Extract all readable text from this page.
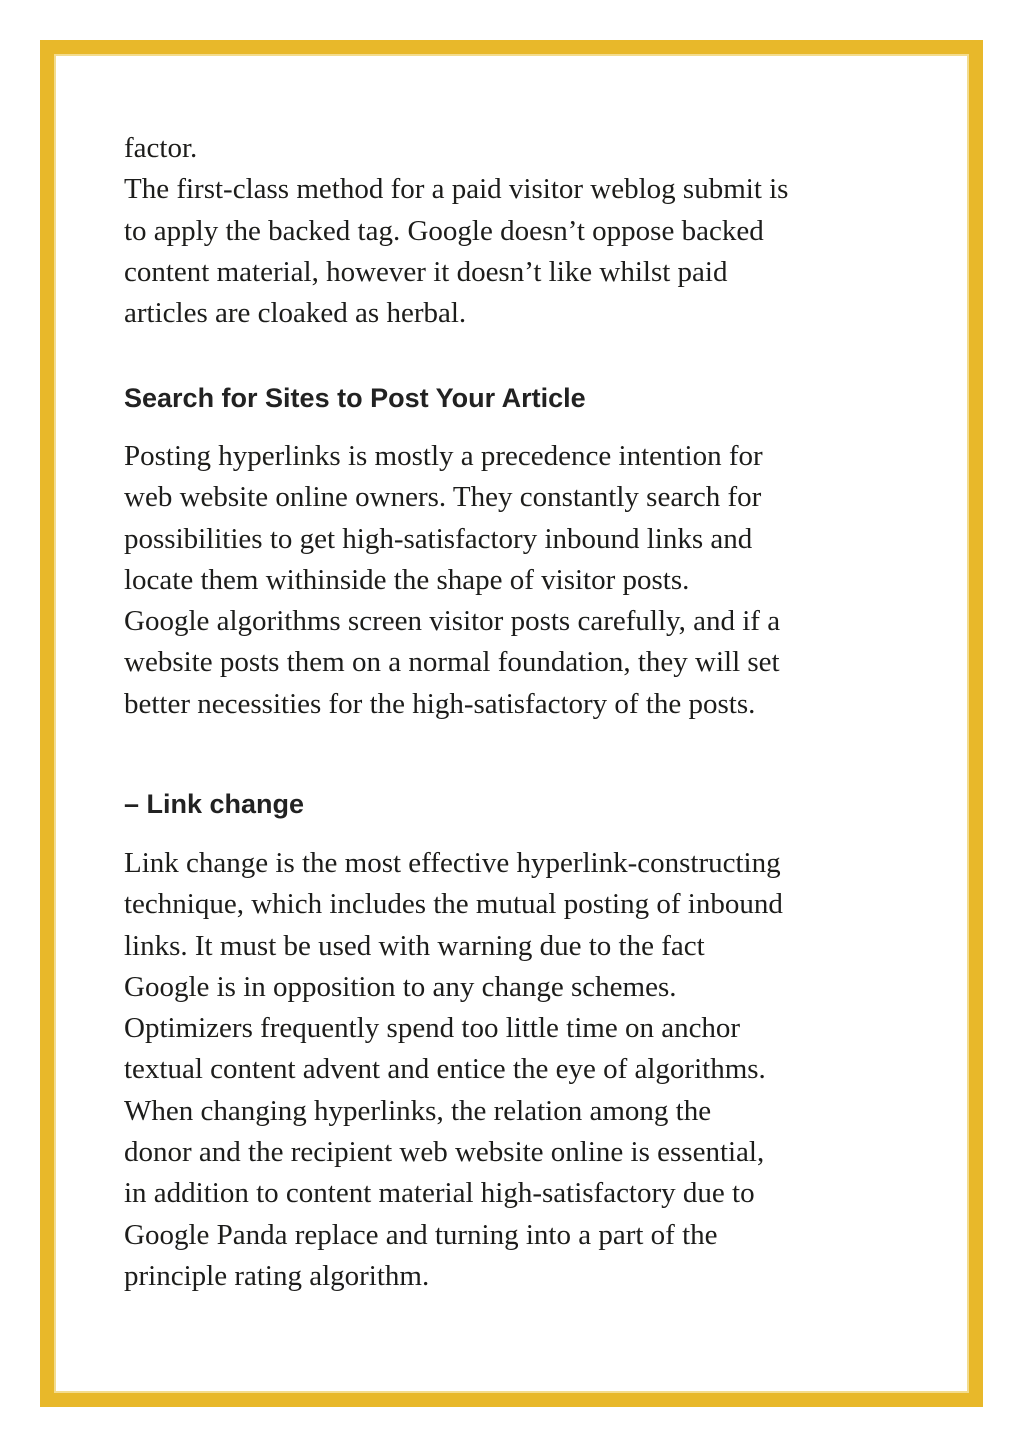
factor.

The first-class method for a paid visitor weblog submit is

to apply the backed tag. Google doesn’t oppose backed

content material, however it doesn’t like whilst paid

articles are cloaked as herbal.

Search for Sites to Post Your Article

Posting hyperlinks is mostly a precedence intention for

web website online owners. They constantly search for

possibilities to get high-satisfactory inbound links and

locate them withinside the shape of visitor posts.

Google algorithms screen visitor posts carefully, and if a

website posts them on a normal foundation, they will set

better necessities for the high-satisfactory of the posts.

– Link change

Link change is the most effective hyperlink-constructing

technique, which includes the mutual posting of inbound

links. It must be used with warning due to the fact

Google is in opposition to any change schemes.

Optimizers frequently spend too little time on anchor

textual content advent and entice the eye of algorithms.

When changing hyperlinks, the relation among the

donor and the recipient web website online is essential,

in addition to content material high-satisfactory due to

Google Panda replace and turning into a part of the

principle rating algorithm.
